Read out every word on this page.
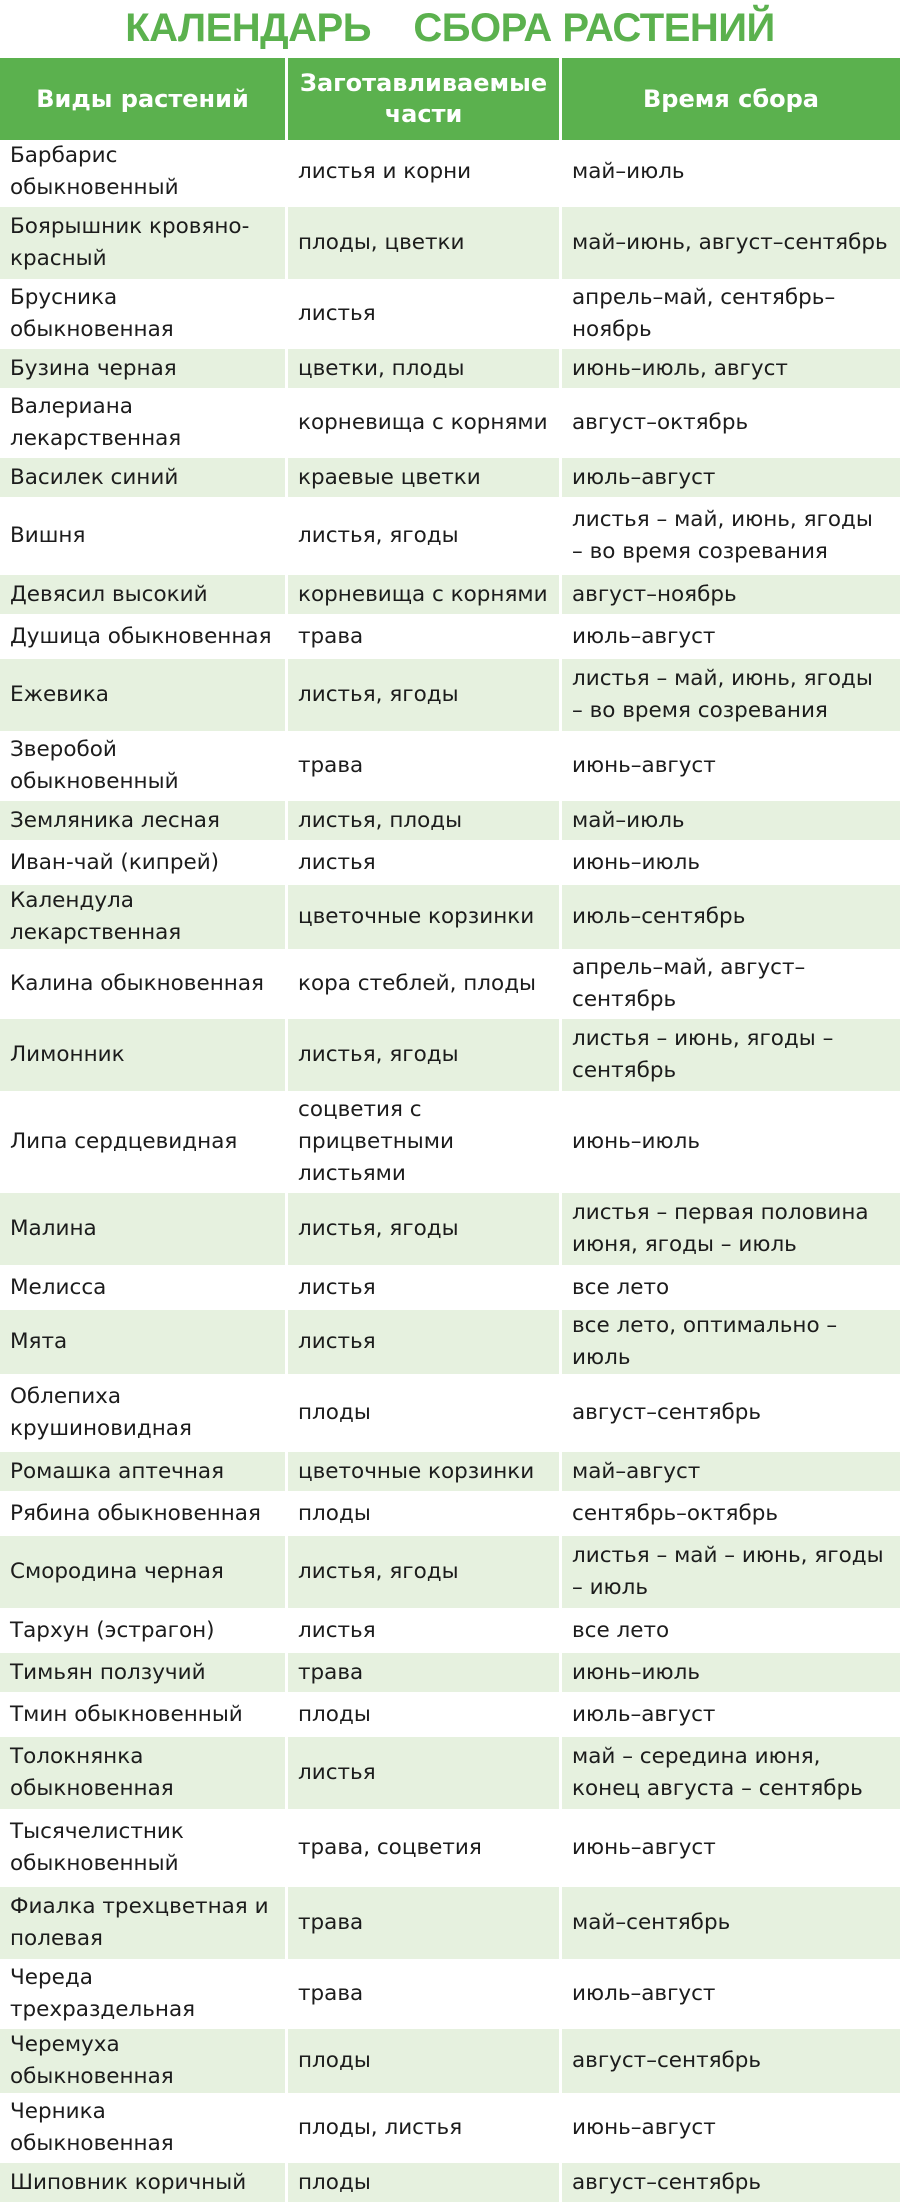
КАЛЕНДАРЬ    СБОРА РАСТЕНИЙ
Виды растений	Заготавливаемые части	Время сбора
Барбарис обыкновенный	листья и корни	май–июль
Боярышник кровяно-красный	плоды, цветки	май–июнь, август–сентябрь
Брусника обыкновенная	листья	апрель–май, сентябрь–ноябрь
Бузина черная	цветки, плоды	июнь–июль, август
Валериана лекарственная	корневища с корнями	август–октябрь
Василек синий	краевые цветки	июль–август
Вишня	листья, ягоды	листья – май, июнь, ягоды – во время созревания
Девясил высокий	корневища с корнями	август–ноябрь
Душица обыкновенная	трава	июль–август
Ежевика	листья, ягоды	листья – май, июнь, ягоды – во время созревания
Зверобой обыкновенный	трава	июнь–август
Земляника лесная	листья, плоды	май–июль
Иван-чай (кипрей)	листья	июнь–июль
Календула лекарственная	цветочные корзинки	июль–сентябрь
Калина обыкновенная	кора стеблей, плоды	апрель–май, август–сентябрь
Лимонник	листья, ягоды	листья – июнь, ягоды – сентябрь
Липа сердцевидная	соцветия с прицветными листьями	июнь–июль
Малина	листья, ягоды	листья – первая половина июня, ягоды – июль
Мелисса	листья	все лето
Мята	листья	все лето, оптимально – июль
Облепиха крушиновидная	плоды	август–сентябрь
Ромашка аптечная	цветочные корзинки	май–август
Рябина обыкновенная	плоды	сентябрь–октябрь
Смородина черная	листья, ягоды	листья – май – июнь, ягоды – июль
Тархун (эстрагон)	листья	все лето
Тимьян ползучий	трава	июнь–июль
Тмин обыкновенный	плоды	июль–август
Толокнянка обыкновенная	листья	май – середина июня, конец августа – сентябрь
Тысячелистник обыкновенный	трава, соцветия	июнь–август
Фиалка трехцветная и полевая	трава	май–сентябрь
Череда трехраздельная	трава	июль–август
Черемуха обыкновенная	плоды	август–сентябрь
Черника обыкновенная	плоды, листья	июнь–август
Шиповник коричный	плоды	август–сентябрь
